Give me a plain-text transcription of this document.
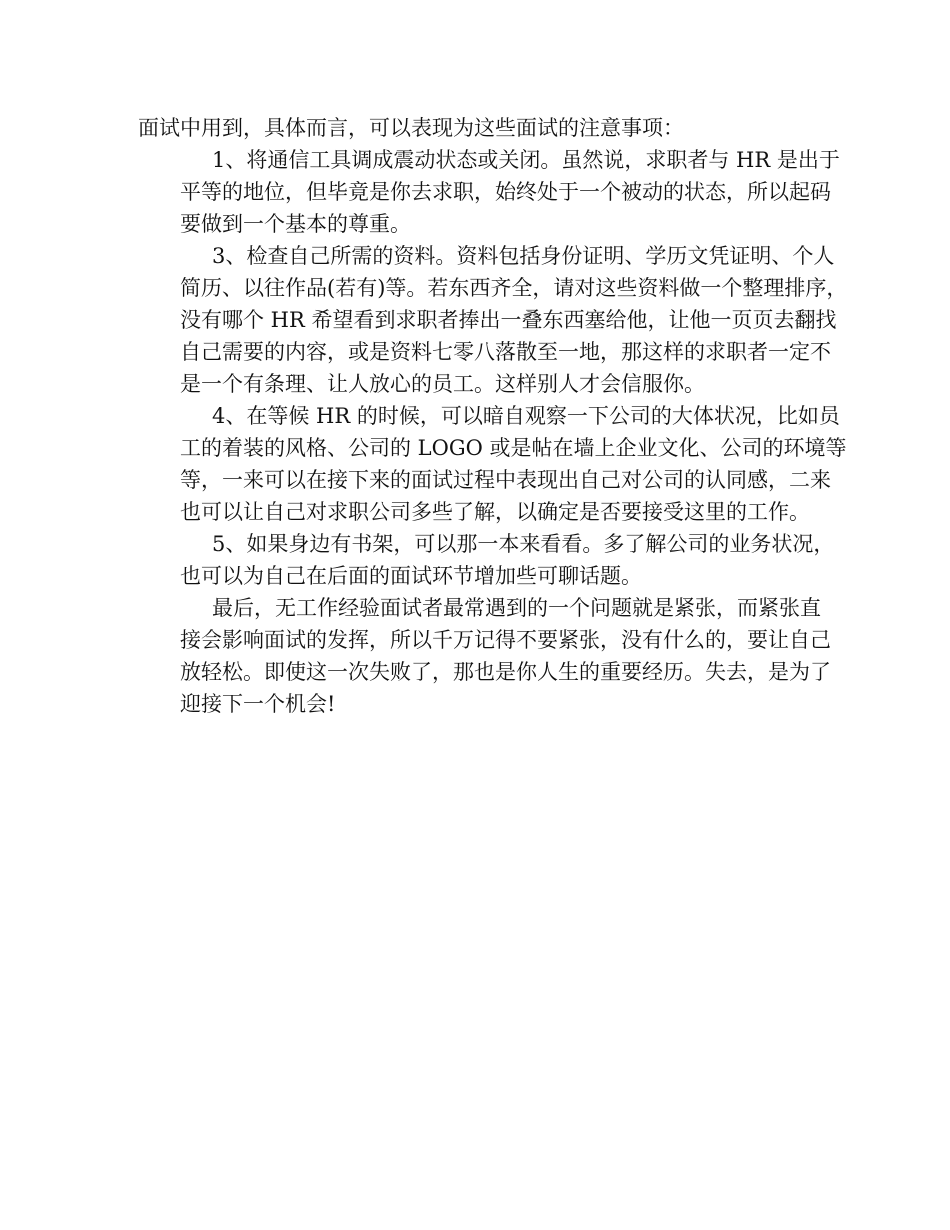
面试中用到，具体而言，可以表现为这些面试的注意事项：

1、将通信工具调成震动状态或关闭。虽然说，求职者与 HR 是出于
平等的地位，但毕竟是你去求职，始终处于一个被动的状态，所以起码
要做到一个基本的尊重。

3、检查自己所需的资料。资料包括身份证明、学历文凭证明、个人
简历、以往作品(若有)等。若东西齐全，请对这些资料做一个整理排序，
没有哪个 HR 希望看到求职者捧出一叠东西塞给他，让他一页页去翻找
自己需要的内容，或是资料七零八落散至一地，那这样的求职者一定不
是一个有条理、让人放心的员工。这样别人才会信服你。

4、在等候 HR 的时候，可以暗自观察一下公司的大体状况，比如员
工的着装的风格、公司的 LOGO 或是帖在墙上企业文化、公司的环境等
等，一来可以在接下来的面试过程中表现出自己对公司的认同感，二来
也可以让自己对求职公司多些了解，以确定是否要接受这里的工作。

5、如果身边有书架，可以那一本来看看。多了解公司的业务状况，
也可以为自己在后面的面试环节增加些可聊话题。

最后，无工作经验面试者最常遇到的一个问题就是紧张，而紧张直
接会影响面试的发挥，所以千万记得不要紧张，没有什么的，要让自己
放轻松。即使这一次失败了，那也是你人生的重要经历。失去，是为了
迎接下一个机会!
